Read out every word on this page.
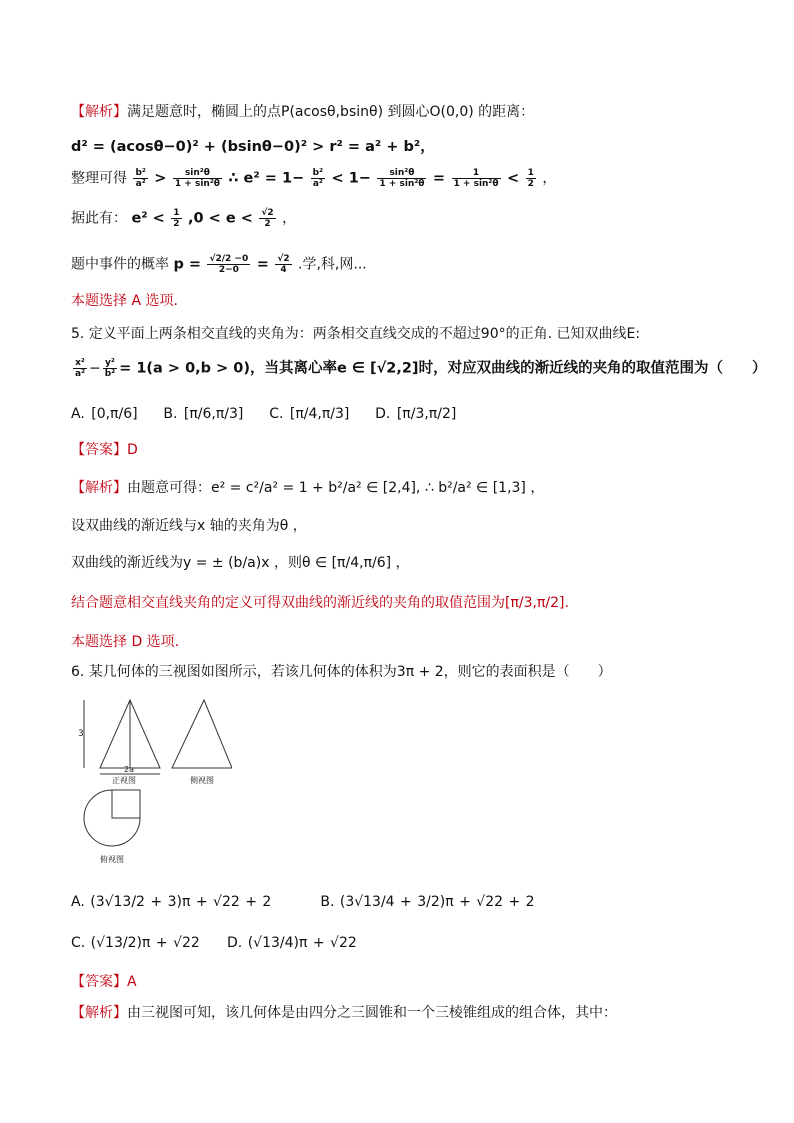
【解析】满足题意时，椭圆上的点P(acosθ,bsinθ) 到圆心O(0,0) 的距离：
d² = (acosθ−0)² + (bsinθ−0)² > r² = a² + b²，
整理可得 $\frac{\text{b²}}{\text{a²}} > \frac{\text{sin²θ}}{\text{1 + sin²θ}}$ ∴ $e^2 = 1- \frac{\text{b²}}{\text{a²}} < 1- \frac{\text{sin²θ}}{\text{1 + sin²θ}} = \frac{1}{\text{1 + sin²θ}} < \frac{1}{2}$ ，
据此有： $e^2 < \frac{1}{2} ,0 < e < \frac{√2}{2}$ ，
题中事件的概率 $p = \frac{√2/2 -0}{2-0} = \frac{√2}{4}$ .学,科,网...
本题选择 A 选项.
5. 定义平面上两条相交直线的夹角为：两条相交直线交成的不超过90°的正角. 已知双曲线E:
$\frac{\text{x²}}{\text{a²}} - \frac{\text{y²}}{\text{b²}} = 1(a > 0,b > 0)$，当其离心率e ∈ [√2,2]时，对应双曲线的渐近线的夹角的取值范围为（　　）
A. [0,π/6] B. [π/6,π/3] C. [π/4,π/3] D. [π/3,π/2]
【答案】D
【解析】由题意可得：e² = c²/a² = 1 + b²/a² ∈ [2,4], ∴ b²/a² ∈ [1,3] ，
设双曲线的渐近线与x 轴的夹角为θ ，
双曲线的渐近线为y = ± (b/a)x ，则θ ∈ [π/4,π/6] ，
结合题意相交直线夹角的定义可得双曲线的渐近线的夹角的取值范围为[π/3,π/2].
本题选择 D 选项.
6. 某几何体的三视图如图所示，若该几何体的体积为3π + 2，则它的表面积是（　　）
3
2a
正视图	侧视图
俯视图
A. (3√13/2 + 3)π + √22 + 2	B. (3√13/4 + 3/2)π + √22 + 2
C. (√13/2)π + √22 D. (√13/4)π + √22
【答案】A
【解析】由三视图可知，该几何体是由四分之三圆锥和一个三棱锥组成的组合体，其中：
